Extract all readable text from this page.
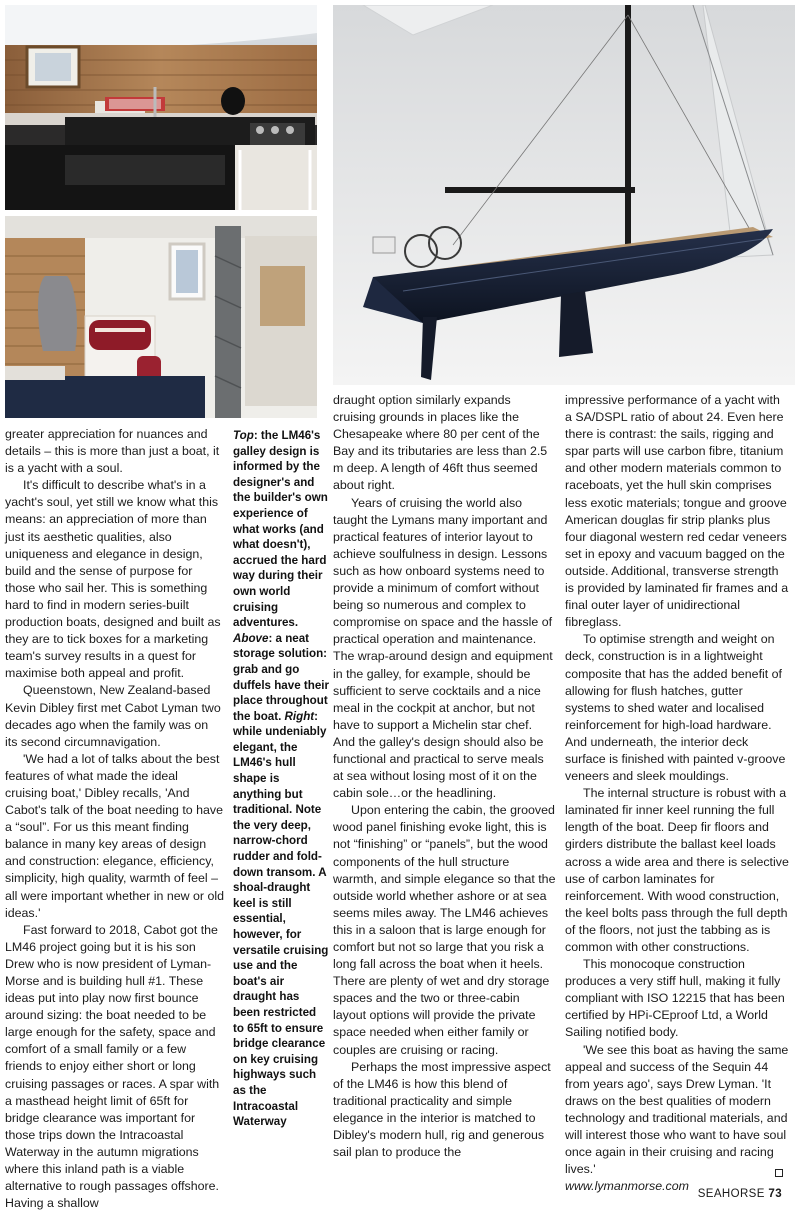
Top: the LM46's galley design is informed by the designer's and the builder's own experience of what works (and what doesn't), accrued the hard way during their own world cruising adventures. Above: a neat storage solution: grab and go duffels have their place throughout the boat. Right: while undeniably elegant, the LM46's hull shape is anything but traditional. Note the very deep, narrow-chord rudder and fold-down transom. A shoal-draught keel is still essential, however, for versatile cruising use and the boat's air draught has been restricted to 65ft to ensure bridge clearance on key cruising highways such as the Intracoastal Waterway

greater appreciation for nuances and details – this is more than just a boat, it is a yacht with a soul.

It's difficult to describe what's in a yacht's soul, yet still we know what this means: an appreciation of more than just its aesthetic qualities, also uniqueness and elegance in design, build and the sense of purpose for those who sail her. This is something hard to find in modern series-built production boats, designed and built as they are to tick boxes for a marketing team's survey results in a quest for maximise both appeal and profit.

Queenstown, New Zealand-based Kevin Dibley first met Cabot Lyman two decades ago when the family was on its second circumnavigation.

'We had a lot of talks about the best features of what made the ideal cruising boat,' Dibley recalls, 'And Cabot's talk of the boat needing to have a “soul”. For us this meant finding balance in many key areas of design and construction: elegance, efficiency, simplicity, high quality, warmth of feel – all were important whether in new or old ideas.'

Fast forward to 2018, Cabot got the LM46 project going but it is his son Drew who is now president of Lyman-Morse and is building hull #1. These ideas put into play now first bounce around sizing: the boat needed to be large enough for the safety, space and comfort of a small family or a few friends to enjoy either short or long cruising passages or races. A spar with a masthead height limit of 65ft for bridge clearance was important for those trips down the Intracoastal Waterway in the autumn migrations where this inland path is a viable alternative to rough passages offshore. Having a shallow

draught option similarly expands cruising grounds in places like the Chesapeake where 80 per cent of the Bay and its tributaries are less than 2.5 m deep. A length of 46ft thus seemed about right.

Years of cruising the world also taught the Lymans many important and practical features of interior layout to achieve soulfulness in design. Lessons such as how onboard systems need to provide a minimum of comfort without being so numerous and complex to compromise on space and the hassle of practical operation and maintenance. The wrap-around design and equipment in the galley, for example, should be sufficient to serve cocktails and a nice meal in the cockpit at anchor, but not have to support a Michelin star chef. And the galley's design should also be functional and practical to serve meals at sea without losing most of it on the cabin sole…or the headlining.

Upon entering the cabin, the grooved wood panel finishing evoke light, this is not “finishing” or “panels”, but the wood components of the hull structure warmth, and simple elegance so that the outside world whether ashore or at sea seems miles away. The LM46 achieves this in a saloon that is large enough for comfort but not so large that you risk a long fall across the boat when it heels. There are plenty of wet and dry storage spaces and the two or three-cabin layout options will provide the private space needed when either family or couples are cruising or racing.

Perhaps the most impressive aspect of the LM46 is how this blend of traditional practicality and simple elegance in the interior is matched to Dibley's modern hull, rig and generous sail plan to produce the

impressive performance of a yacht with a SA/DSPL ratio of about 24. Even here there is contrast: the sails, rigging and spar parts will use carbon fibre, titanium and other modern materials common to raceboats, yet the hull skin comprises less exotic materials; tongue and groove American douglas fir strip planks plus four diagonal western red cedar veneers set in epoxy and vacuum bagged on the outside. Additional, transverse strength is provided by laminated fir frames and a final outer layer of unidirectional fibreglass.

To optimise strength and weight on deck, construction is in a lightweight composite that has the added benefit of allowing for flush hatches, gutter systems to shed water and localised reinforcement for high-load hardware. And underneath, the interior deck surface is finished with painted v-groove veneers and sleek mouldings.

The internal structure is robust with a laminated fir inner keel running the full length of the boat. Deep fir floors and girders distribute the ballast keel loads across a wide area and there is selective use of carbon laminates for reinforcement. With wood construction, the keel bolts pass through the full depth of the floors, not just the tabbing as is common with other constructions.

This monocoque construction produces a very stiff hull, making it fully compliant with ISO 12215 that has been certified by HPi-CEproof Ltd, a World Sailing notified body.

'We see this boat as having the same appeal and success of the Sequin 44 from years ago', says Drew Lyman. 'It draws on the best qualities of modern technology and traditional materials, and will interest those who want to have soul once again in their cruising and racing lives.'

www.lymanmorse.com

SEAHORSE 73
